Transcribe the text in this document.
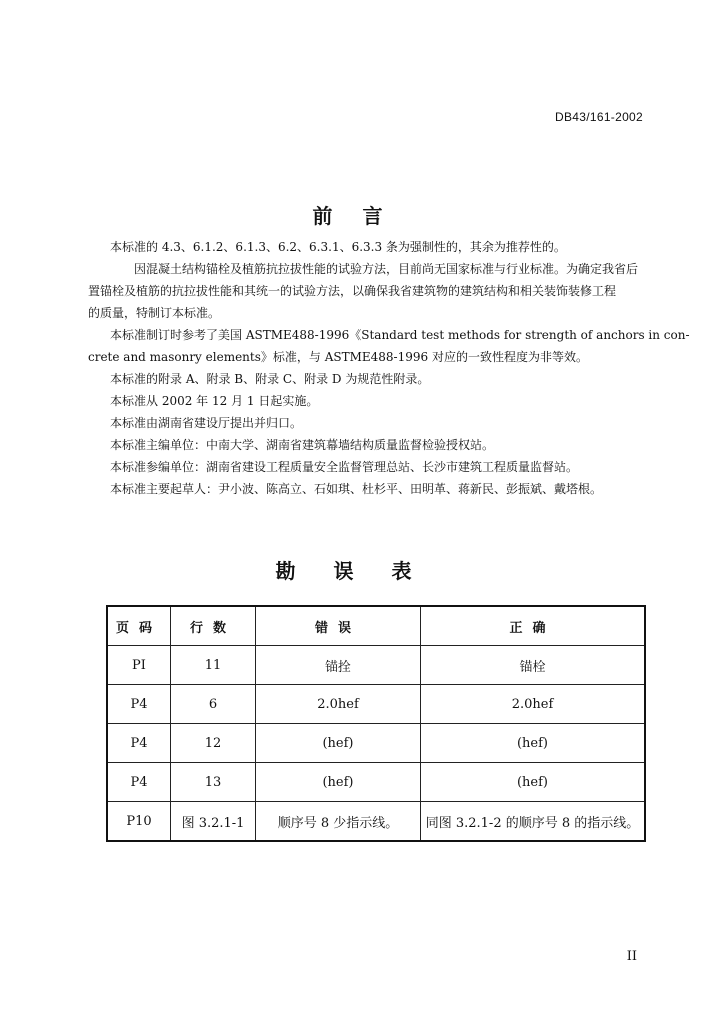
DB43/161-2002
前言

本标准的 4.3、6.1.2、6.1.3、6.2、6.3.1、6.3.3 条为强制性的，其余为推荐性的。

因混凝土结构锚栓及植筋抗拉拔性能的试验方法，目前尚无国家标准与行业标准。为确定我省后

置锚栓及植筋的抗拉拔性能和其统一的试验方法，以确保我省建筑物的建筑结构和相关装饰装修工程

的质量，特制订本标准。

本标准制订时参考了美国 ASTME488-1996《Standard test methods for strength of anchors in con-

crete and masonry elements》标准，与 ASTME488-1996 对应的一致性程度为非等效。

本标准的附录 A、附录 B、附录 C、附录 D 为规范性附录。

本标准从 2002 年 12 月 1 日起实施。

本标准由湖南省建设厅提出并归口。

本标准主编单位：中南大学、湖南省建筑幕墙结构质量监督检验授权站。

本标准参编单位：湖南省建设工程质量安全监督管理总站、长沙市建筑工程质量监督站。

本标准主要起草人：尹小波、陈高立、石如琪、杜杉平、田明革、蒋新民、彭振斌、戴塔根。

勘误表
页码	行数	错误	正确
PI	11	锚拴	锚栓
P4	6	2.0hef	2.0hef
P4	12	(hef)	(hef)
P4	13	(hef)	(hef)
P10	图 3.2.1-1	顺序号 8 少指示线。	同图 3.2.1-2 的顺序号 8 的指示线。
II
